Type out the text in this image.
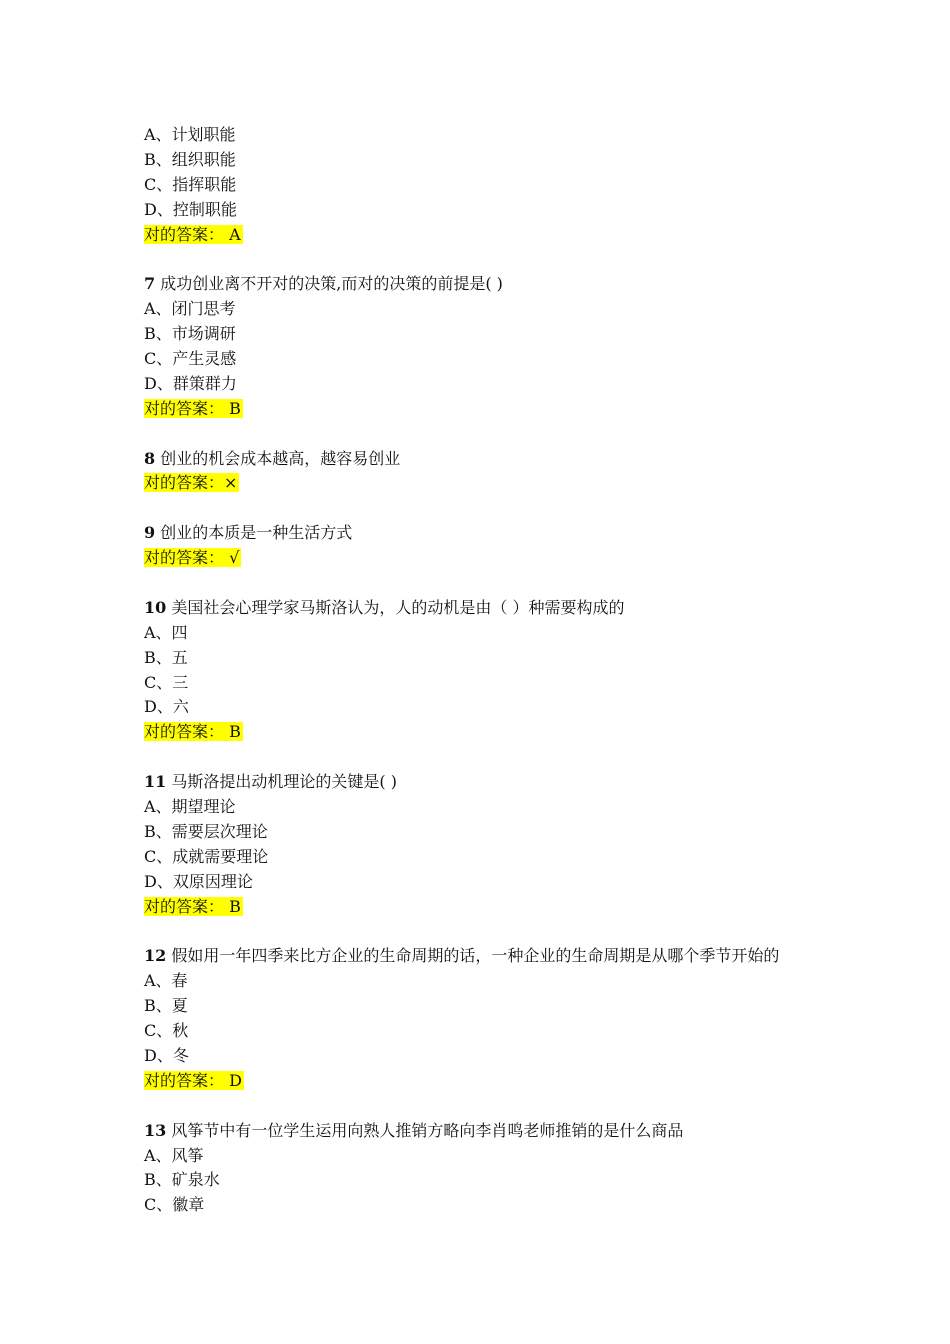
A、计划职能
B、组织职能
C、指挥职能
D、控制职能
对的答案： A
7 成功创业离不开对的决策,而对的决策的前提是( )
A、闭门思考
B、市场调研
C、产生灵感
D、群策群力
对的答案： B
8 创业的机会成本越高，越容易创业
对的答案：×
9 创业的本质是一种生活方式
对的答案： √
10 美国社会心理学家马斯洛认为，人的动机是由（ ）种需要构成的
A、四
B、五
C、三
D、六
对的答案： B
11 马斯洛提出动机理论的关键是( )
A、期望理论
B、需要层次理论
C、成就需要理论
D、双原因理论
对的答案： B
12 假如用一年四季来比方企业的生命周期的话，一种企业的生命周期是从哪个季节开始的
A、春
B、夏
C、秋
D、冬
对的答案： D
13 风筝节中有一位学生运用向熟人推销方略向李肖鸣老师推销的是什么商品
A、风筝
B、矿泉水
C、徽章
